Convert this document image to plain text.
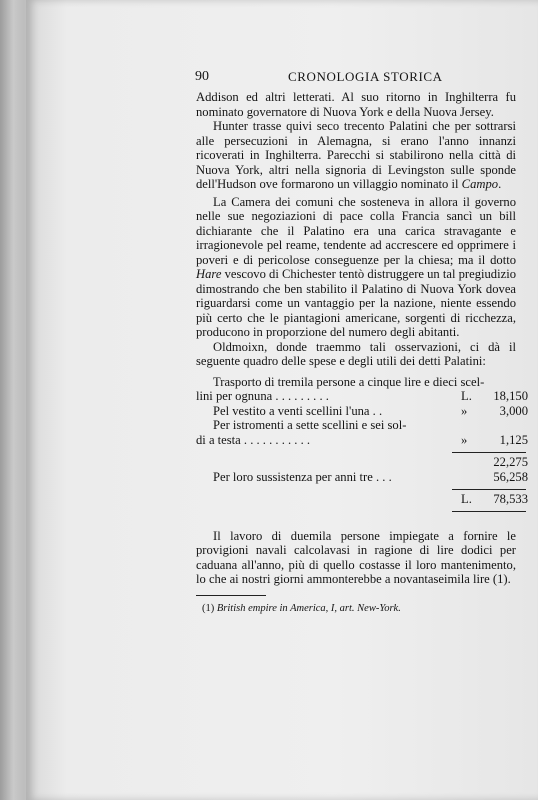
90	CRONOLOGIA STORICA

Addison ed altri letterati. Al suo ritorno in Inghilterra fu nominato governatore di Nuova York e della Nuova Jersey.

Hunter trasse quivi seco trecento Palatini che per sottrarsi alle persecuzioni in Alemagna, si erano l'anno innanzi ricoverati in Inghilterra. Parecchi si stabilirono nella città di Nuova York, altri nella signoria di Levingston sulle sponde dell'Hudson ove formarono un villaggio nominato il Campo.

La Camera dei comuni che sosteneva in allora il governo nelle sue negoziazioni di pace colla Francia sancì un bill dichiarante che il Palatino era una carica stravagante e irragionevole pel reame, tendente ad accrescere ed opprimere i poveri e di pericolose conseguenze per la chiesa; ma il dotto Hare vescovo di Chichester tentò distruggere un tal pregiudizio dimostrando che ben stabilito il Palatino di Nuova York dovea riguardarsi come un vantaggio per la nazione, niente essendo più certo che le piantagioni americane, sorgenti di ricchezza, producono in proporzione del numero degli abitanti.

Oldmoixn, donde traemmo tali osservazioni, ci dà il seguente quadro delle spese e degli utili dei detti Palatini:

Trasporto di tremila persone a cinque lire e dieci scel-
lini per ognuna . . . . . . . . .	L.	18,150
Pel vestito a venti scellini l'una . .	»	3,000
Per istromenti a sette scellini e sei sol-
di a testa . . . . . . . . . . .	»	1,125
22,275
Per loro sussistenza per anni tre . . .	56,258
L.	78,533

Il lavoro di duemila persone impiegate a fornire le provigioni navali calcolavasi in ragione di lire dodici per caduana all'anno, più di quello costasse il loro mantenimento, lo che ai nostri giorni ammonterebbe a novantaseimila lire (1).

(1) British empire in America, I, art. New-York.
